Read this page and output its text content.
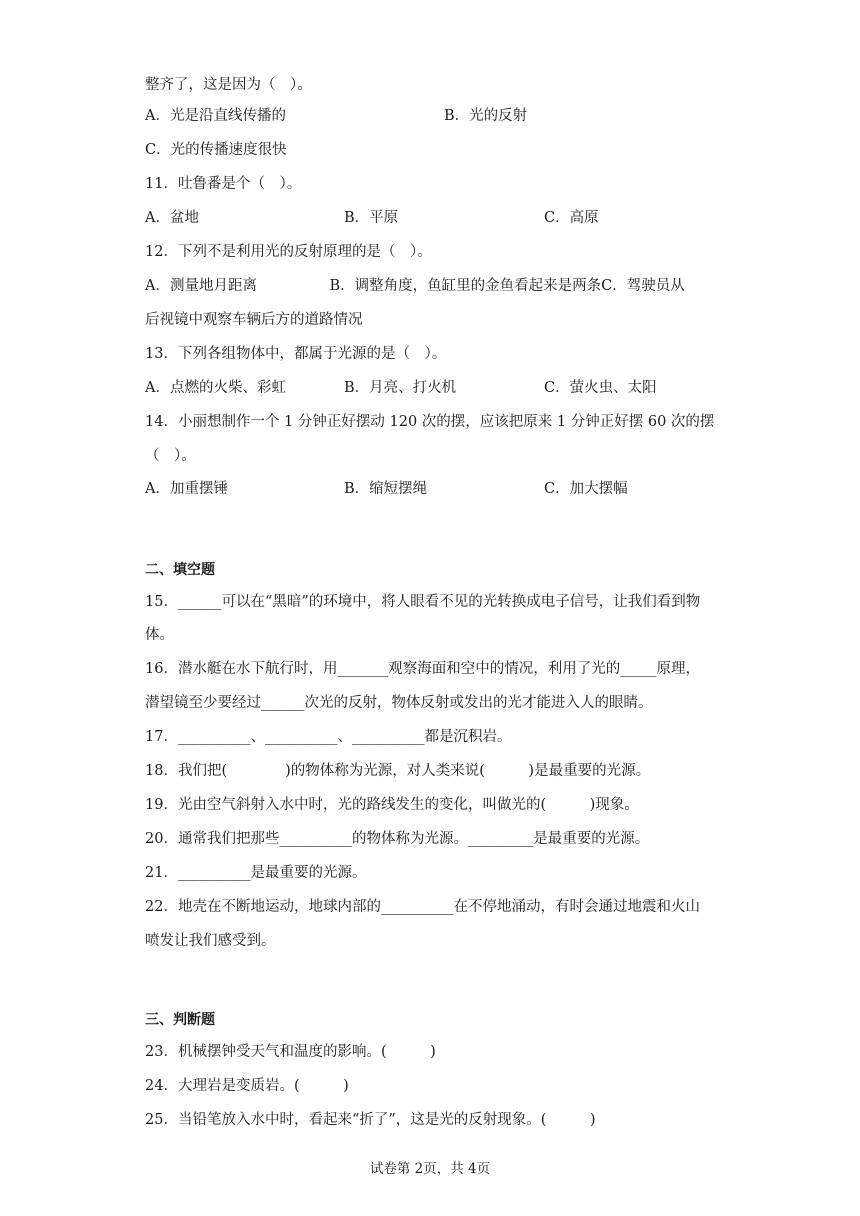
整齐了，这是因为（　）。
A．光是沿直线传播的	B．光的反射
C．光的传播速度很快
11．吐鲁番是个（　）。
A．盆地	B．平原	C．高原
12．下列不是利用光的反射原理的是（　）。
A．测量地月距离　　　　　B．调整角度，鱼缸里的金鱼看起来是两条C．驾驶员从
后视镜中观察车辆后方的道路情况
13．下列各组物体中，都属于光源的是（　）。
A．点燃的火柴、彩虹	B．月亮、打火机	C．萤火虫、太阳
14．小丽想制作一个 1 分钟正好摆动 120 次的摆，应该把原来 1 分钟正好摆 60 次的摆
（　）。
A．加重摆锤	B．缩短摆绳	C．加大摆幅
二、填空题
15．______可以在“黑暗”的环境中，将人眼看不见的光转换成电子信号，让我们看到物
体。
16．潜水艇在水下航行时，用_______观察海面和空中的情况，利用了光的_____原理，
潜望镜至少要经过______次光的反射，物体反射或发出的光才能进入人的眼睛。
17．__________、__________、__________都是沉积岩。
18．我们把(　　　　)的物体称为光源，对人类来说(　　　)是最重要的光源。
19．光由空气斜射入水中时，光的路线发生的变化，叫做光的(　　　)现象。
20．通常我们把那些__________的物体称为光源。_________是最重要的光源。
21．__________是最重要的光源。
22．地壳在不断地运动，地球内部的__________在不停地涌动，有时会通过地震和火山
喷发让我们感受到。
三、判断题
23．机械摆钟受天气和温度的影响。(　　　)
24．大理岩是变质岩。(　　　)
25．当铅笔放入水中时，看起来“折了”，这是光的反射现象。(　　　)
试卷第 2页，共 4页
